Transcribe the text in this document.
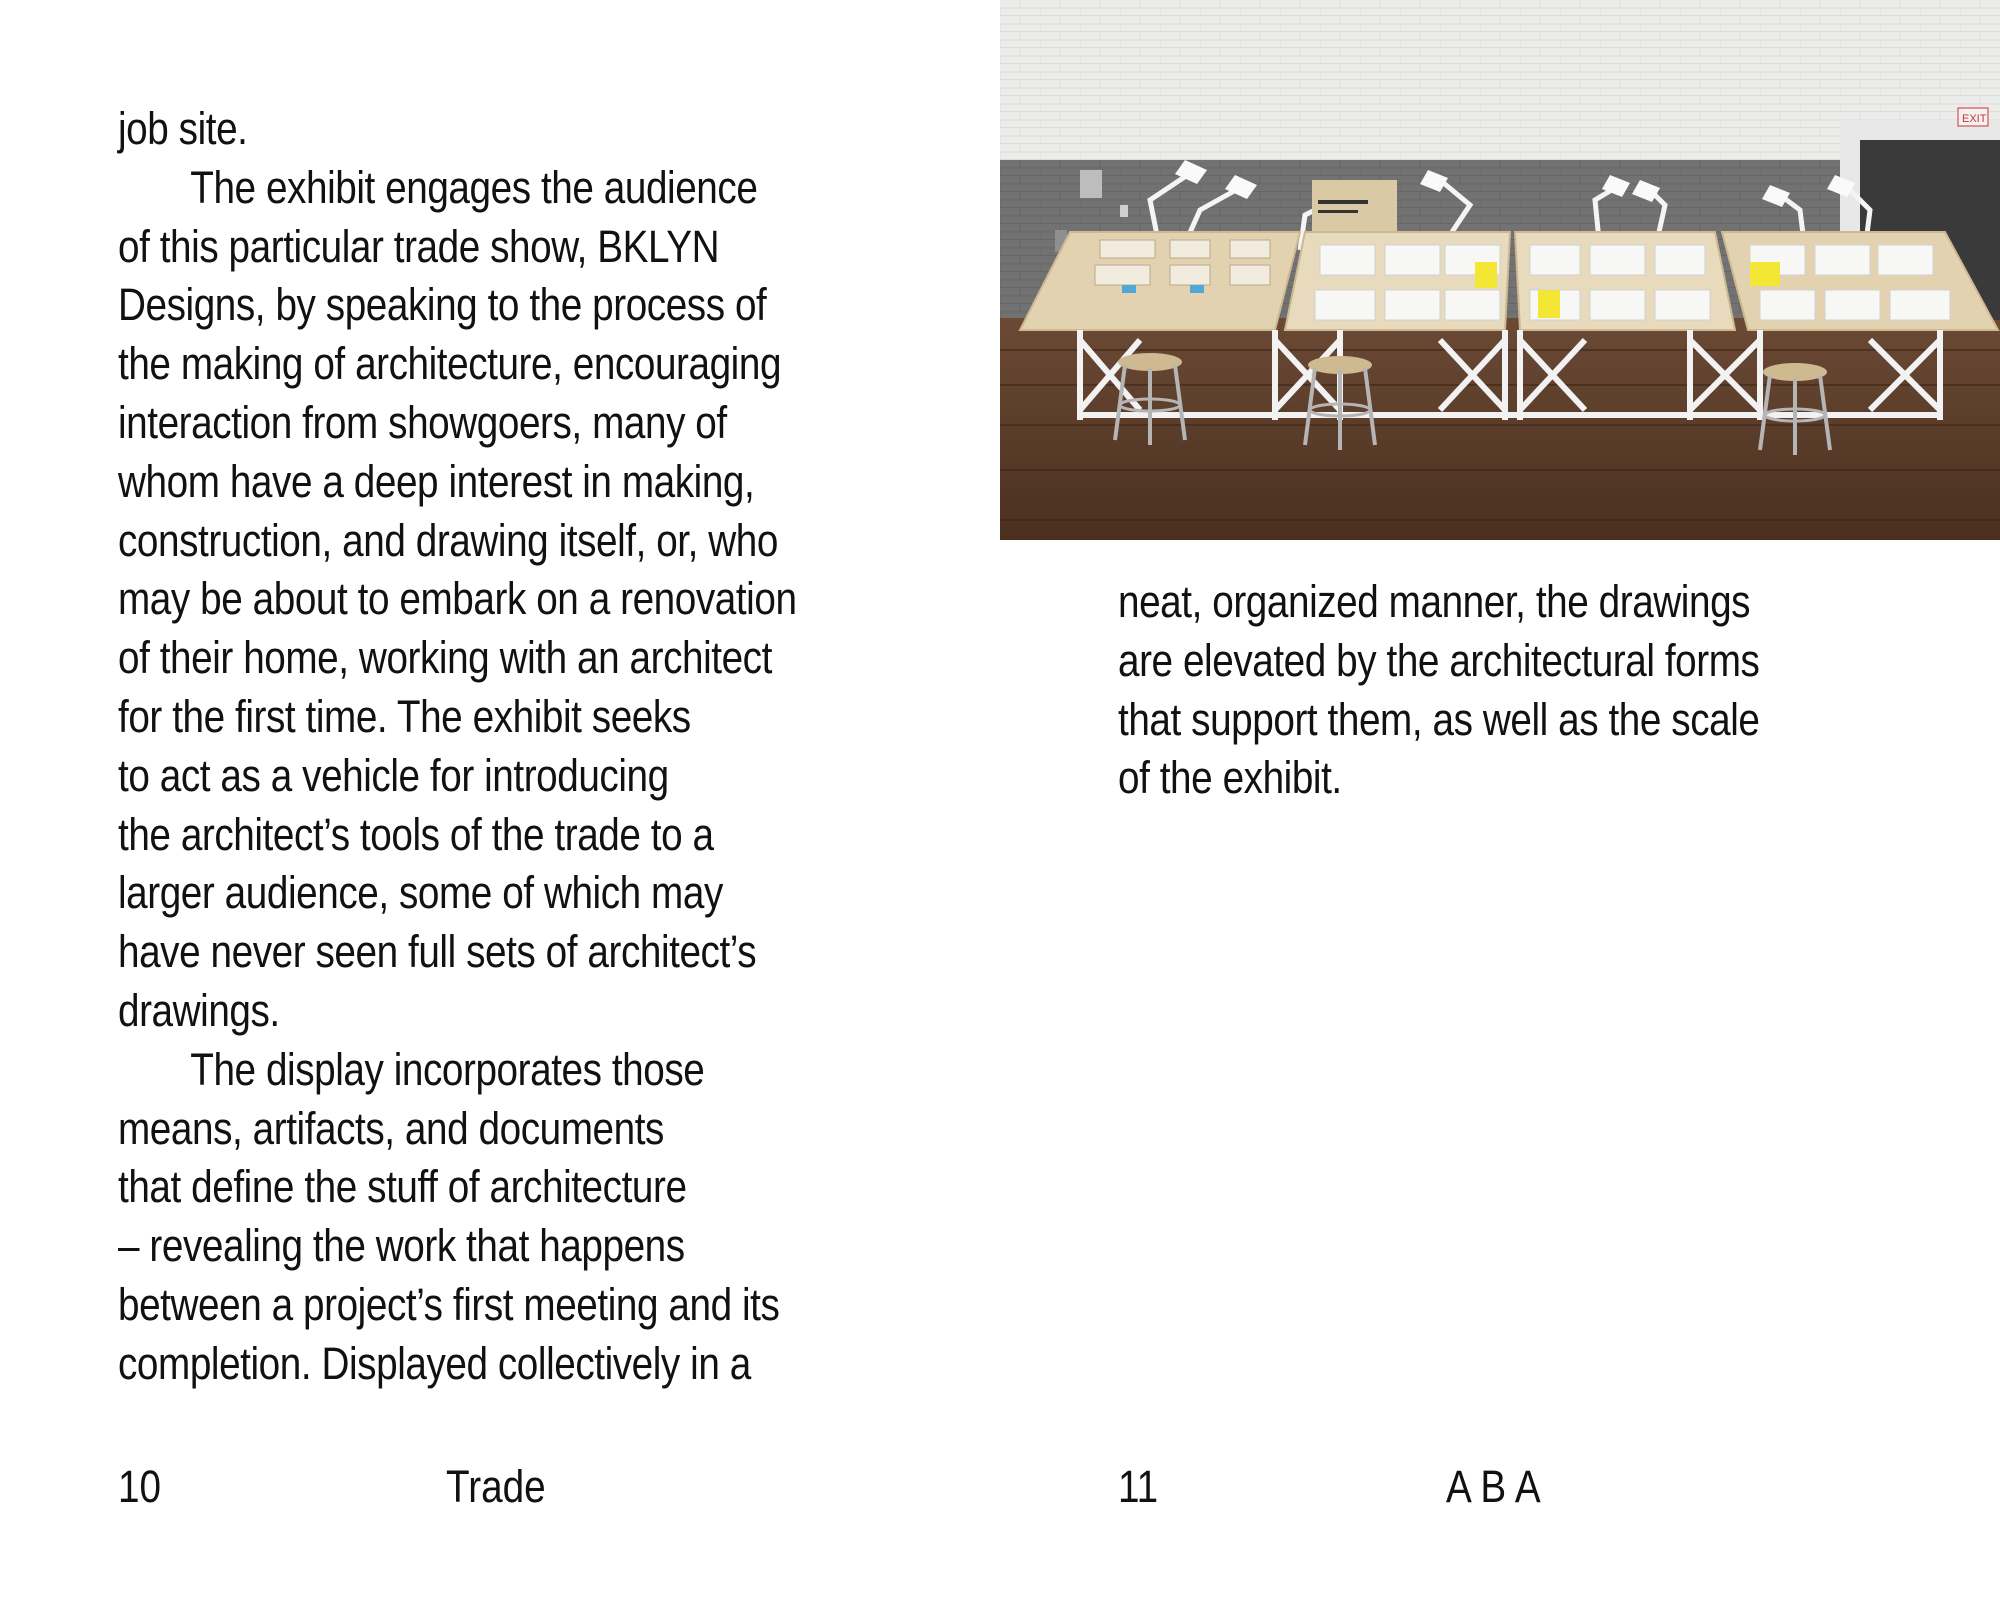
job site.
The exhibit engages the audience
of this particular trade show, BKLYN
Designs, by speaking to the process of
the making of architecture, encouraging
interaction from showgoers, many of
whom have a deep interest in making,
construction, and drawing itself, or, who
may be about to embark on a renovation
of their home, working with an architect
for the first time. The exhibit seeks
to act as a vehicle for introducing
the architect’s tools of the trade to a
larger audience, some of which may
have never seen full sets of architect’s
drawings.
The display incorporates those
means, artifacts, and documents
that define the stuff of architecture
– revealing the work that happens
between a project’s first meeting and its
completion. Displayed collectively in a
10	Trade
EXIT
neat, organized manner, the drawings
are elevated by the architectural forms
that support them, as well as the scale
of the exhibit.
11	A B A
